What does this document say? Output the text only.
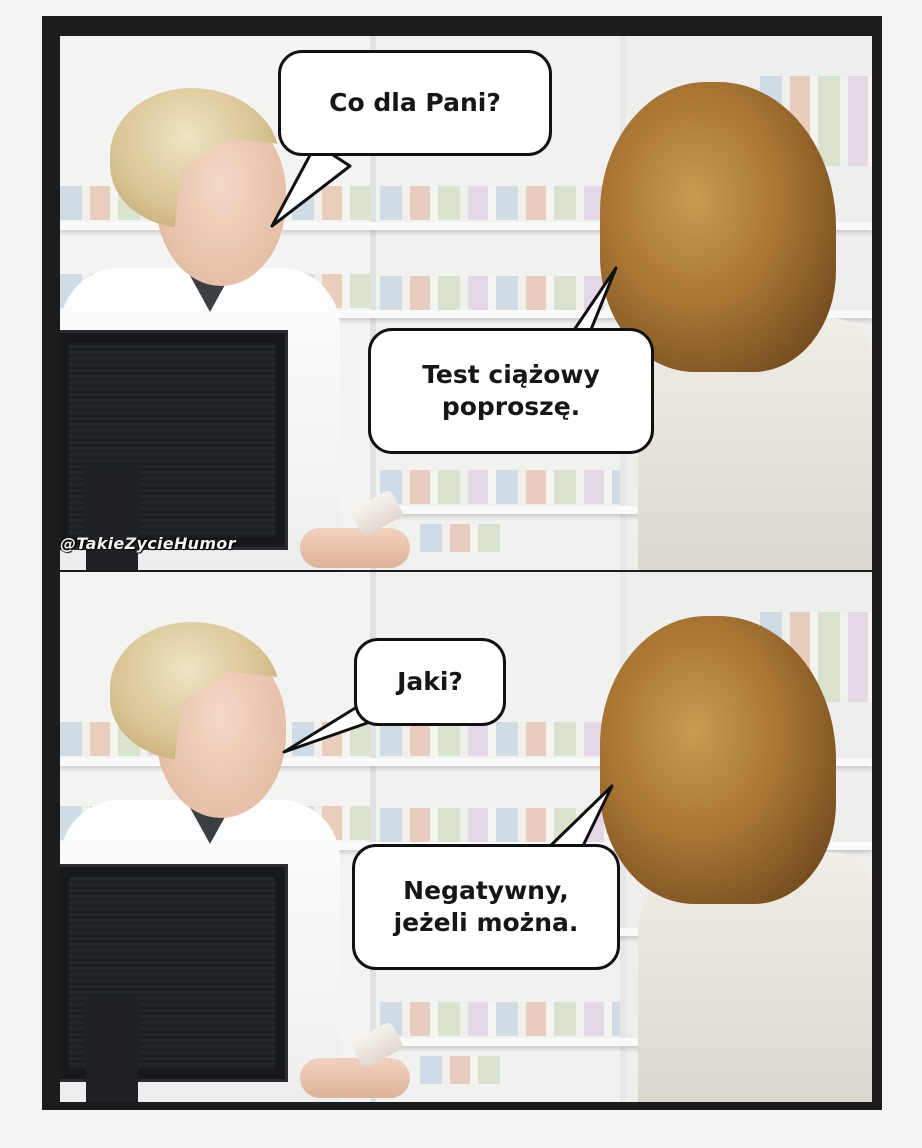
@TakieZycieHumor
Co dla Pani?
Test ciążowy
poproszę.
Jaki?
Negatywny,
jeżeli można.
